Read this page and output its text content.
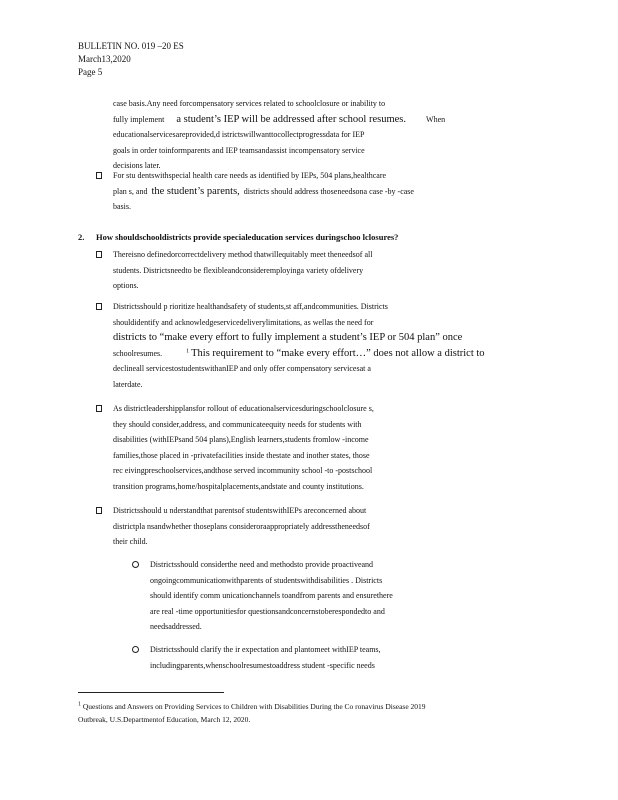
BULLETIN NO. 019 –20 ES
March13,2020
Page 5
case basis.Any need forcompensatory services related to schoolclosure or inability to
fully implement a student’s IEP will be addressed after school resumes.	When
educationalservicesareprovided,d istrictswillwanttocollectprogressdata for IEP
goals in order toinformparents and IEP teamsandassist incompensatory service
decisions later.
For stu dentswithspecial health care needs as identified by IEPs, 504 plans,healthcare
plan s, and the student’s parents, districts should address thoseneedsona case -by -case
basis.
2. How shouldschooldistricts provide specialeducation services duringschoo lclosures?
Thereisno definedorcorrectdelivery method thatwillequitably meet theneedsof all
students. Districtsneedto be flexibleandconsideremployinga variety ofdelivery
options.
Districtsshould p rioritize healthandsafety of students,st aff,andcommunities. Districts
shouldidentify and acknowledgeservicedeliverylimitations, as wellas the need for
districts to “make every effort to fully implement a student’s IEP or 504 plan” once
schoolresumes.	$^1$ This requirement to “make every effort…” does not allow a district to
declineall servicestostudentswithanIEP and only offer compensatory servicesat a
laterdate.
As districtleadershipplansfor rollout of educationalservicesduringschoolclosure s,
they should consider,address, and communicateequity needs for students with
disabilities (withIEPsand 504 plans),English learners,students fromlow -income
families,those placed in -privatefacilities inside thestate and inother states, those
rec eivingpreschoolservices,andthose served incommunity school -to -postschool
transition programs,home/hospitalplacements,andstate and county institutions.
Districtsshould u nderstandthat parentsof studentswithIEPs areconcerned about
districtpla nsandwhether thoseplans consideroraappropriately addresstheneedsof
their child.
Districtsshould considerthe need and methodsto provide proactiveand
ongoingcommunicationwithparents of studentswithdisabilities . Districts
should identify comm unicationchannels toandfrom parents and ensurethere
are real -time opportunitiesfor questionsandconcernstoberespondedto and
needsaddressed.
Districtsshould clarify the ir expectation and plantomeet withIEP teams,
includingparents,whenschoolresumestoaddress student -specific needs
$^1$ Questions and Answers on Providing Services to Children with Disabilities During the Co ronavirus Disease 2019
Outbreak, U.S.Departmentof Education, March 12, 2020.
